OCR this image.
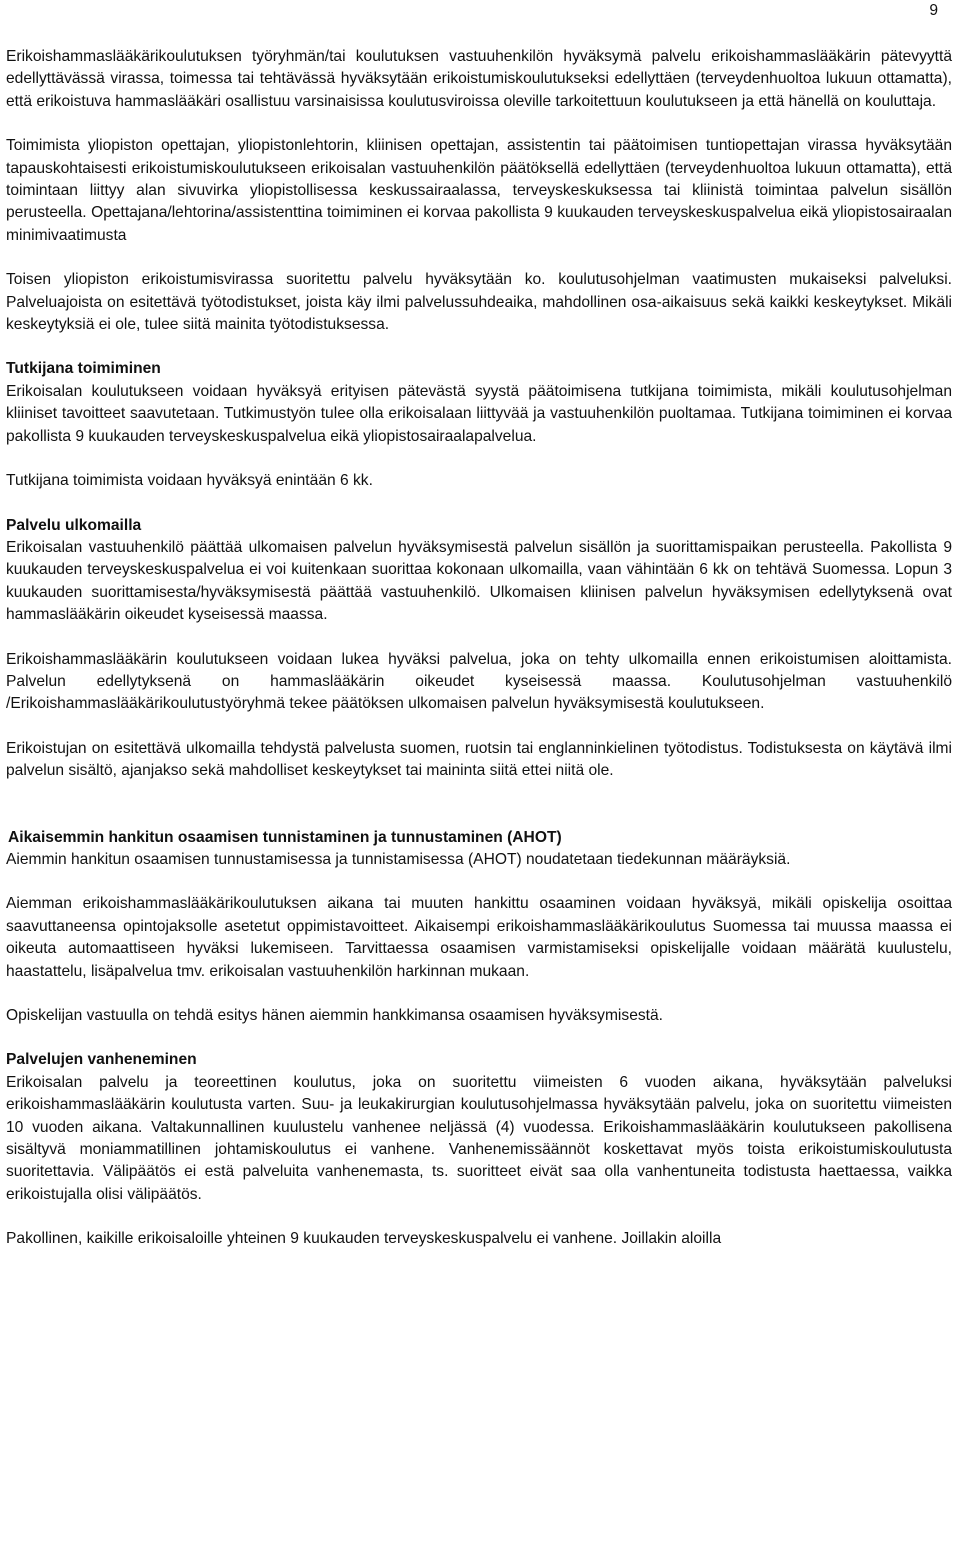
9

Erikoishammaslääkärikoulutuksen työryhmän/tai koulutuksen vastuuhenkilön hyväksymä palvelu erikoishammaslääkärin pätevyyttä edellyttävässä virassa, toimessa tai tehtävässä hyväksytään erikoistumiskoulutukseksi edellyttäen (terveydenhuoltoa lukuun ottamatta), että erikoistuva hammaslääkäri osallistuu varsinaisissa koulutusviroissa oleville tarkoitettuun koulutukseen ja että hänellä on kouluttaja.

Toimimista yliopiston opettajan, yliopistonlehtorin, kliinisen opettajan, assistentin tai päätoimisen tuntiopettajan virassa hyväksytään tapauskohtaisesti erikoistumiskoulutukseen erikoisalan vastuuhenkilön päätöksellä edellyttäen (terveydenhuoltoa lukuun ottamatta), että toimintaan liittyy alan sivuvirka yliopistollisessa keskussairaalassa, terveyskeskuksessa tai kliinistä toimintaa palvelun sisällön perusteella. Opettajana/lehtorina/assistenttina toimiminen ei korvaa pakollista 9 kuukauden terveyskeskuspalvelua eikä yliopistosairaalan minimivaatimusta

Toisen yliopiston erikoistumisvirassa suoritettu palvelu hyväksytään ko. koulutusohjelman vaatimusten mukaiseksi palveluksi. Palveluajoista on esitettävä työtodistukset, joista käy ilmi palvelussuhdeaika, mahdollinen osa-aikaisuus sekä kaikki keskeytykset. Mikäli keskeytyksiä ei ole, tulee siitä mainita työtodistuksessa.

Tutkijana toimiminen

Erikoisalan koulutukseen voidaan hyväksyä erityisen pätevästä syystä päätoimisena tutkijana toimimista, mikäli koulutusohjelman kliiniset tavoitteet saavutetaan. Tutkimustyön tulee olla erikoisalaan liittyvää ja vastuuhenkilön puoltamaa. Tutkijana toimiminen ei korvaa pakollista 9 kuukauden terveyskeskuspalvelua eikä yliopistosairaalapalvelua.

Tutkijana toimimista voidaan hyväksyä enintään 6 kk.

Palvelu ulkomailla

Erikoisalan vastuuhenkilö päättää ulkomaisen palvelun hyväksymisestä palvelun sisällön ja suorittamispaikan perusteella. Pakollista 9 kuukauden terveyskeskuspalvelua ei voi kuitenkaan suorittaa kokonaan ulkomailla, vaan vähintään 6 kk on tehtävä Suomessa. Lopun 3 kuukauden suorittamisesta/hyväksymisestä päättää vastuuhenkilö. Ulkomaisen kliinisen palvelun hyväksymisen edellytyksenä ovat hammaslääkärin oikeudet kyseisessä maassa.

Erikoishammaslääkärin koulutukseen voidaan lukea hyväksi palvelua, joka on tehty ulkomailla ennen erikoistumisen aloittamista. Palvelun edellytyksenä on hammaslääkärin oikeudet kyseisessä maassa. Koulutusohjelman vastuuhenkilö /Erikoishammaslääkärikoulutustyöryhmä tekee päätöksen ulkomaisen palvelun hyväksymisestä koulutukseen.

Erikoistujan on esitettävä ulkomailla tehdystä palvelusta suomen, ruotsin tai englanninkielinen työtodistus. Todistuksesta on käytävä ilmi palvelun sisältö, ajanjakso sekä mahdolliset keskeytykset tai maininta siitä ettei niitä ole.

Aikaisemmin hankitun osaamisen tunnistaminen ja tunnustaminen (AHOT)

Aiemmin hankitun osaamisen tunnustamisessa ja tunnistamisessa (AHOT) noudatetaan tiedekunnan määräyksiä.

Aiemman erikoishammaslääkärikoulutuksen aikana tai muuten hankittu osaaminen voidaan hyväksyä, mikäli opiskelija osoittaa saavuttaneensa opintojaksolle asetetut oppimistavoitteet. Aikaisempi erikoishammaslääkärikoulutus Suomessa tai muussa maassa ei oikeuta automaattiseen hyväksi lukemiseen. Tarvittaessa osaamisen varmistamiseksi opiskelijalle voidaan määrätä kuulustelu, haastattelu, lisäpalvelua tmv. erikoisalan vastuuhenkilön harkinnan mukaan.

Opiskelijan vastuulla on tehdä esitys hänen aiemmin hankkimansa osaamisen hyväksymisestä.

Palvelujen vanheneminen

Erikoisalan palvelu ja teoreettinen koulutus, joka on suoritettu viimeisten 6 vuoden aikana, hyväksytään palveluksi erikoishammaslääkärin koulutusta varten. Suu- ja leukakirurgian koulutusohjelmassa hyväksytään palvelu, joka on suoritettu viimeisten 10 vuoden aikana. Valtakunnallinen kuulustelu vanhenee neljässä (4) vuodessa. Erikoishammaslääkärin koulutukseen pakollisena sisältyvä moniammatillinen johtamiskoulutus ei vanhene. Vanhenemissäännöt koskettavat myös toista erikoistumiskoulutusta suoritettavia. Välipäätös ei estä palveluita vanhenemasta, ts. suoritteet eivät saa olla vanhentuneita todistusta haettaessa, vaikka erikoistujalla olisi välipäätös.

Pakollinen, kaikille erikoisaloille yhteinen 9 kuukauden terveyskeskuspalvelu ei vanhene. Joillakin aloilla
